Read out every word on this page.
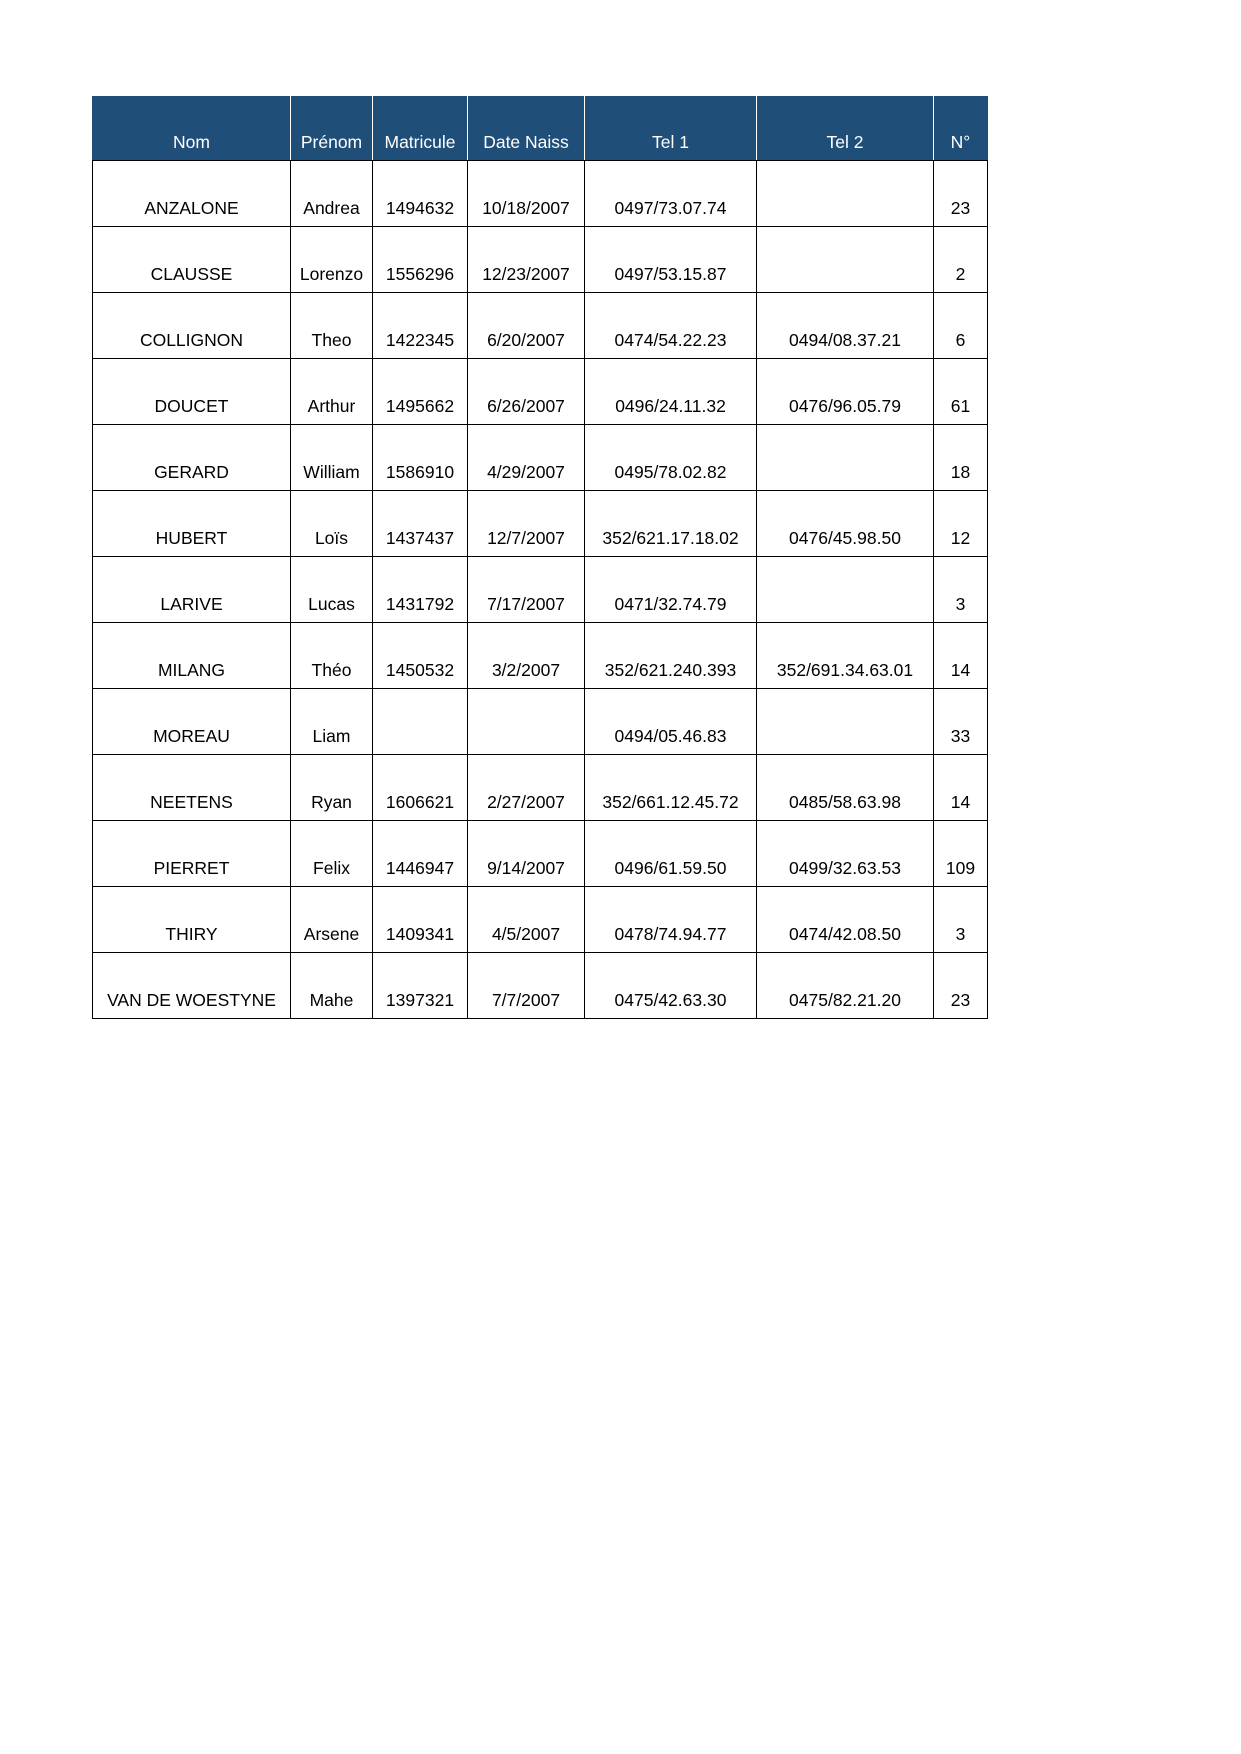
Nom	Prénom	Matricule	Date Naiss	Tel 1	Tel 2	N°
ANZALONE	Andrea	1494632	10/18/2007	0497/73.07.74		23
CLAUSSE	Lorenzo	1556296	12/23/2007	0497/53.15.87		2
COLLIGNON	Theo	1422345	6/20/2007	0474/54.22.23	0494/08.37.21	6
DOUCET	Arthur	1495662	6/26/2007	0496/24.11.32	0476/96.05.79	61
GERARD	William	1586910	4/29/2007	0495/78.02.82		18
HUBERT	Loïs	1437437	12/7/2007	352/621.17.18.02	0476/45.98.50	12
LARIVE	Lucas	1431792	7/17/2007	0471/32.74.79		3
MILANG	Théo	1450532	3/2/2007	352/621.240.393	352/691.34.63.01	14
MOREAU	Liam			0494/05.46.83		33
NEETENS	Ryan	1606621	2/27/2007	352/661.12.45.72	0485/58.63.98	14
PIERRET	Felix	1446947	9/14/2007	0496/61.59.50	0499/32.63.53	109
THIRY	Arsene	1409341	4/5/2007	0478/74.94.77	0474/42.08.50	3
VAN DE WOESTYNE	Mahe	1397321	7/7/2007	0475/42.63.30	0475/82.21.20	23
